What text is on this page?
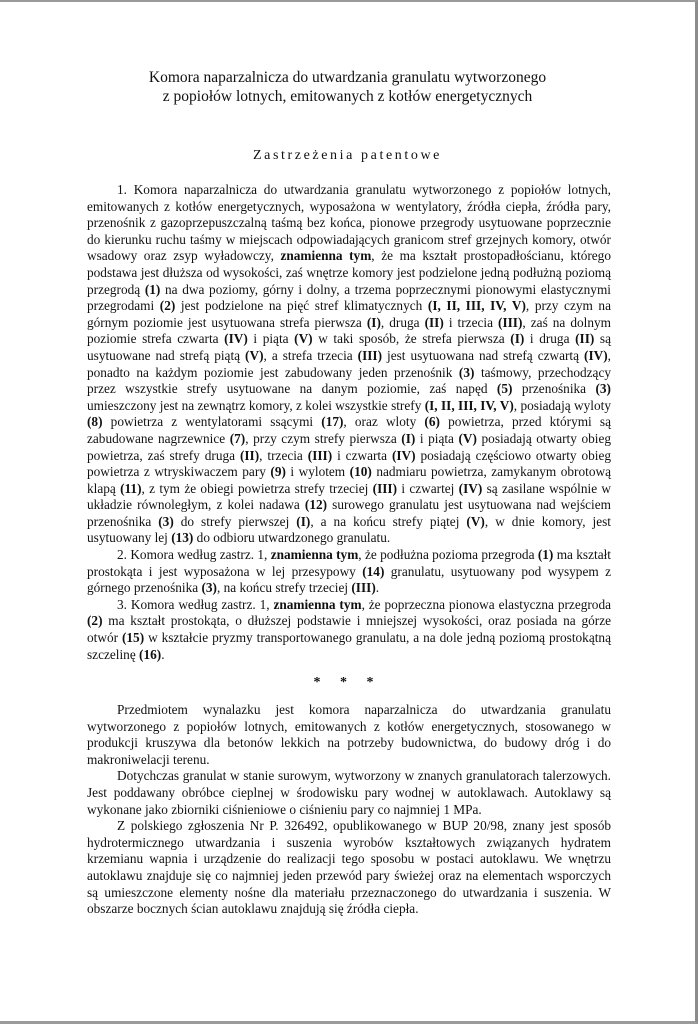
Komora naparzalnicza do utwardzania granulatu wytworzonego
z popiołów lotnych, emitowanych z kotłów energetycznych
Zastrzeżenia patentowe

1. Komora naparzalnicza do utwardzania granulatu wytworzonego z popiołów lotnych, emitowanych z kotłów energetycznych, wyposażona w wentylatory, źródła ciepła, źródła pary, przenośnik z gazoprzepuszczalną taśmą bez końca, pionowe przegrody usytuowane poprzecznie do kierunku ruchu taśmy w miejscach odpowiadających granicom stref grzejnych komory, otwór wsadowy oraz zsyp wyładowczy, znamienna tym, że ma kształt prostopadłościanu, którego podstawa jest dłuższa od wysokości, zaś wnętrze komory jest podzielone jedną podłużną poziomą przegrodą (1) na dwa poziomy, górny i dolny, a trzema poprzecznymi pionowymi elastycznymi przegrodami (2) jest podzielone na pięć stref klimatycznych (I, II, III, IV, V), przy czym na górnym poziomie jest usytuowana strefa pierwsza (I), druga (II) i trzecia (III), zaś na dolnym poziomie strefa czwarta (IV) i piąta (V) w taki sposób, że strefa pierwsza (I) i druga (II) są usytuowane nad strefą piątą (V), a strefa trzecia (III) jest usytuowana nad strefą czwartą (IV), ponadto na każdym poziomie jest zabudowany jeden przenośnik (3) taśmowy, przechodzący przez wszystkie strefy usytuowane na danym poziomie, zaś napęd (5) przenośnika (3) umieszczony jest na zewnątrz komory, z kolei wszystkie strefy (I, II, III, IV, V), posiadają wyloty (8) powietrza z wentylatorami ssącymi (17), oraz wloty (6) powietrza, przed którymi są zabudowane nagrzewnice (7), przy czym strefy pierwsza (I) i piąta (V) posiadają otwarty obieg powietrza, zaś strefy druga (II), trzecia (III) i czwarta (IV) posiadają częściowo otwarty obieg powietrza z wtryskiwaczem pary (9) i wylotem (10) nadmiaru powietrza, zamykanym obrotową klapą (11), z tym że obiegi powietrza strefy trzeciej (III) i czwartej (IV) są zasilane wspólnie w układzie równoległym, z kolei nadawa (12) surowego granulatu jest usytuowana nad wejściem przenośnika (3) do strefy pierwszej (I), a na końcu strefy piątej (V), w dnie komory, jest usytuowany lej (13) do odbioru utwardzonego granulatu.

2. Komora według zastrz. 1, znamienna tym, że podłużna pozioma przegroda (1) ma kształt prostokąta i jest wyposażona w lej przesypowy (14) granulatu, usytuowany pod wysypem z górnego przenośnika (3), na końcu strefy trzeciej (III).

3. Komora według zastrz. 1, znamienna tym, że poprzeczna pionowa elastyczna przegroda (2) ma kształt prostokąta, o dłuższej podstawie i mniejszej wysokości, oraz posiada na górze otwór (15) w kształcie pryzmy transportowanego granulatu, a na dole jedną poziomą prostokątną szczelinę (16).

* * *

Przedmiotem wynalazku jest komora naparzalnicza do utwardzania granulatu wytworzonego z popiołów lotnych, emitowanych z kotłów energetycznych, stosowanego w produkcji kruszywa dla betonów lekkich na potrzeby budownictwa, do budowy dróg i do makroniwelacji terenu.

Dotychczas granulat w stanie surowym, wytworzony w znanych granulatorach talerzowych. Jest poddawany obróbce cieplnej w środowisku pary wodnej w autoklawach. Autoklawy są wykonane jako zbiorniki ciśnieniowe o ciśnieniu pary co najmniej 1 MPa.

Z polskiego zgłoszenia Nr P. 326492, opublikowanego w BUP 20/98, znany jest sposób hydrotermicznego utwardzania i suszenia wyrobów kształtowych związanych hydratem krzemianu wapnia i urządzenie do realizacji tego sposobu w postaci autoklawu. We wnętrzu autoklawu znajduje się co najmniej jeden przewód pary świeżej oraz na elementach wsporczych są umieszczone elementy nośne dla materiału przeznaczonego do utwardzania i suszenia. W obszarze bocznych ścian autoklawu znajdują się źródła ciepła.
